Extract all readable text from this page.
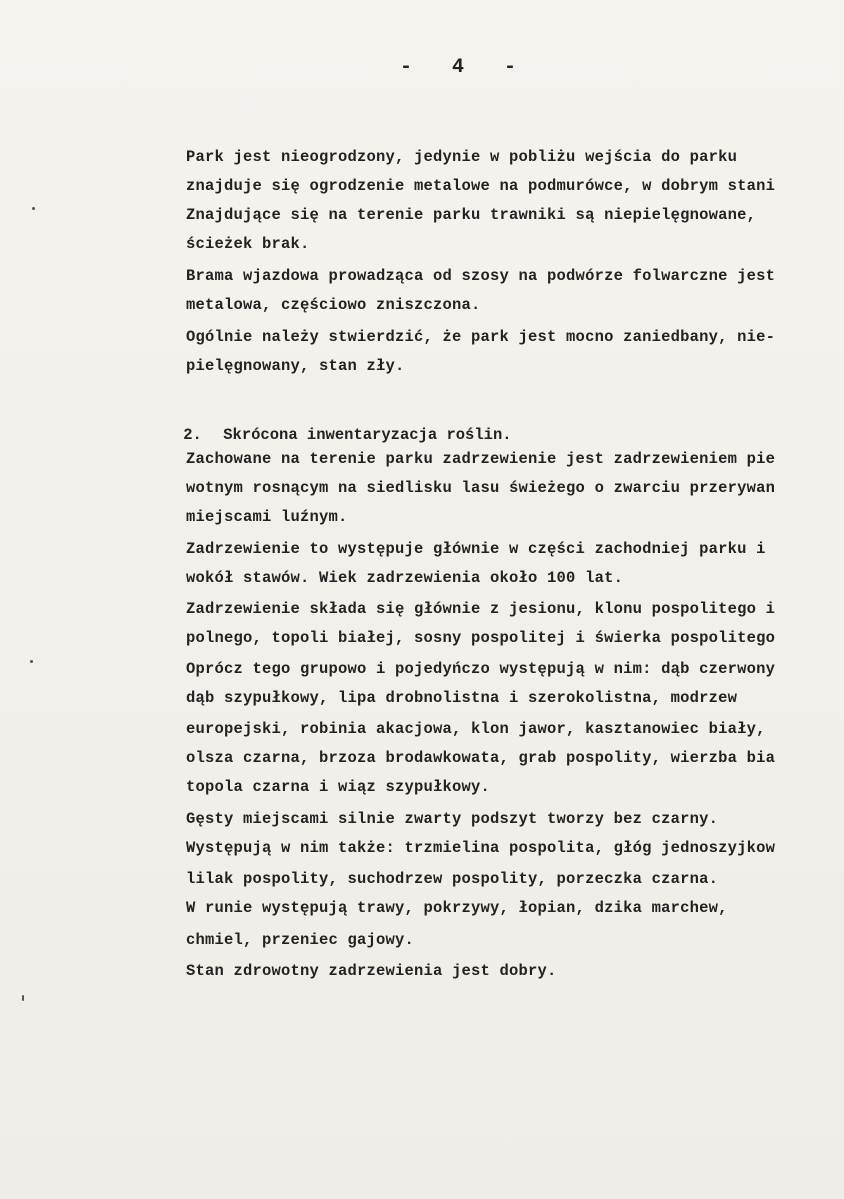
- 4 -
Park jest nieogrodzony, jedynie w pobliżu wejścia do parku
znajduje się ogrodzenie metalowe na podmurówce, w dobrym stani
Znajdujące się na terenie parku trawniki są niepielęgnowane,
ścieżek brak.
Brama wjazdowa prowadząca od szosy na podwórze folwarczne jest
metalowa, częściowo zniszczona.
Ogólnie należy stwierdzić, że park jest mocno zaniedbany, nie-
pielęgnowany, stan zły.

2. Skrócona inwentaryzacja roślin.

Zachowane na terenie parku zadrzewienie jest zadrzewieniem pie
wotnym rosnącym na siedlisku lasu świeżego o zwarciu przerywan
miejscami luźnym.
Zadrzewienie to występuje głównie w części zachodniej parku i
wokół stawów. Wiek zadrzewienia około 100 lat.
Zadrzewienie składa się głównie z jesionu, klonu pospolitego i
polnego, topoli białej, sosny pospolitej i świerka pospolitego
Oprócz tego grupowo i pojedyńczo występują w nim: dąb czerwony
dąb szypułkowy, lipa drobnolistna i szerokolistna, modrzew
europejski, robinia akacjowa, klon jawor, kasztanowiec biały,
olsza czarna, brzoza brodawkowata, grab pospolity, wierzba bia
topola czarna i wiąz szypułkowy.
Gęsty miejscami silnie zwarty podszyt tworzy bez czarny.
Występują w nim także: trzmielina pospolita, głóg jednoszyjkow
lilak pospolity, suchodrzew pospolity, porzeczka czarna.
W runie występują trawy, pokrzywy, łopian, dzika marchew,
chmiel, przeniec gajowy.
Stan zdrowotny zadrzewienia jest dobry.
